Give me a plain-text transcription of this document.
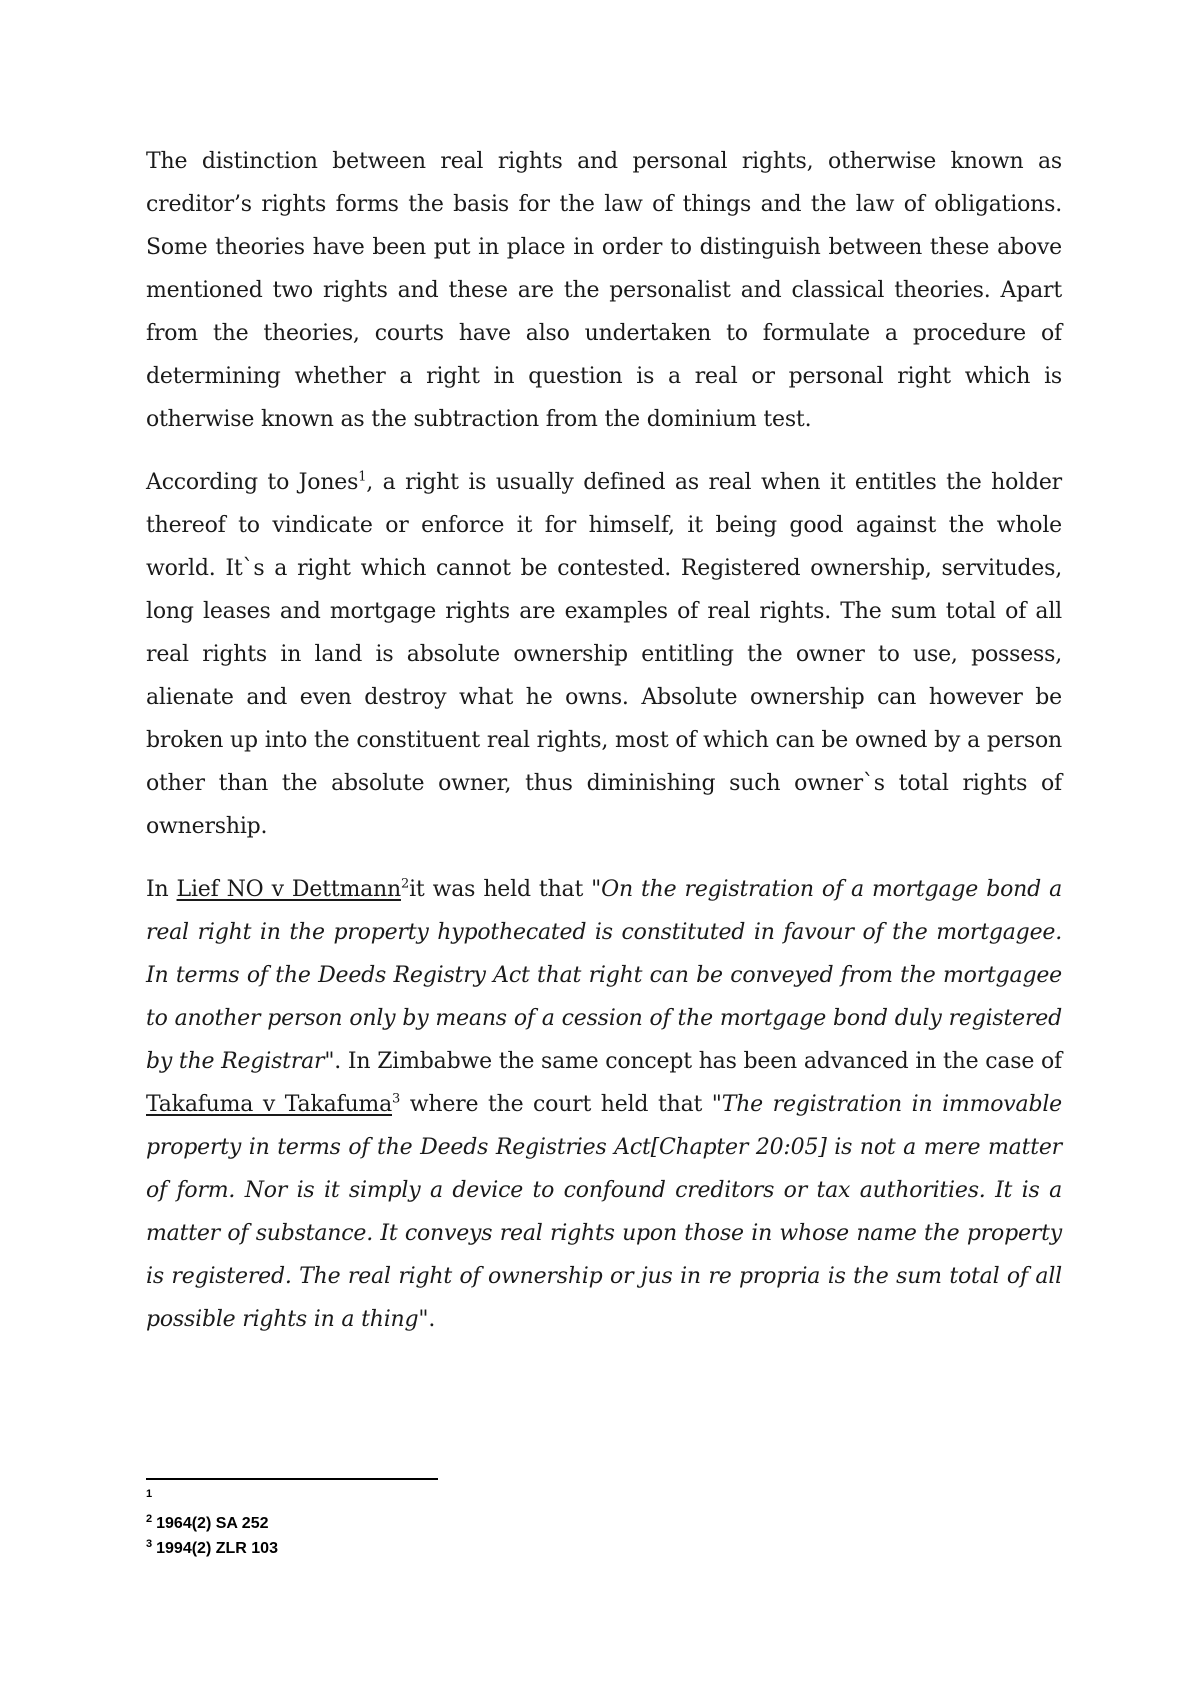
The distinction between real rights and personal rights, otherwise known as creditor’s rights forms the basis for the law of things and the law of obligations. Some theories have been put in place in order to distinguish between these above mentioned two rights and these are the personalist and classical theories. Apart from the theories, courts have also undertaken to formulate a procedure of determining whether a right in question is a real or personal right which is otherwise known as the subtraction from the dominium test.

According to Jones$^1$, a right is usually defined as real when it entitles the holder thereof to vindicate or enforce it for himself, it being good against the whole world. It`s a right which cannot be contested. Registered ownership, servitudes, long leases and mortgage rights are examples of real rights. The sum total of all real rights in land is absolute ownership entitling the owner to use, possess, alienate and even destroy what he owns. Absolute ownership can however be broken up into the constituent real rights, most of which can be owned by a person other than the absolute owner, thus diminishing such owner`s total rights of ownership.

In Lief NO v Dettmann$^2$it was held that "On the registration of a mortgage bond a real right in the property hypothecated is constituted in favour of the mortgagee. In terms of the Deeds Registry Act that right can be conveyed from the mortgagee to another person only by means of a cession of the mortgage bond duly registered by the Registrar". In Zimbabwe the same concept has been advanced in the case of Takafuma v Takafuma$^3$ where the court held that "The registration in immovable property in terms of the Deeds Registries Act[Chapter 20:05] is not a mere matter of form. Nor is it simply a device to confound creditors or tax authorities. It is a matter of substance. It conveys real rights upon those in whose name the property is registered. The real right of ownership or jus in re propria is the sum total of all possible rights in a thing".

$^1$
$^2$ 1964(2) SA 252
$^3$ 1994(2) ZLR 103
